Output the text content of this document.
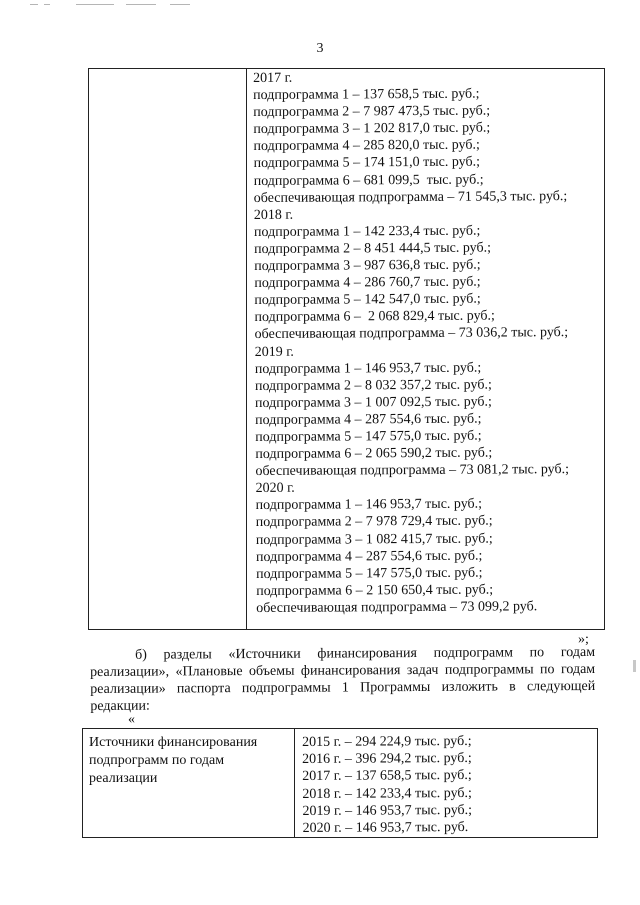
3
2017 г.
подпрограмма 1 – 137 658,5 тыс. руб.;
подпрограмма 2 – 7 987 473,5 тыс. руб.;
подпрограмма 3 – 1 202 817,0 тыс. руб.;
подпрограмма 4 – 285 820,0 тыс. руб.;
подпрограмма 5 – 174 151,0 тыс. руб.;
подпрограмма 6 – 681 099,5  тыс. руб.;
обеспечивающая подпрограмма – 71 545,3 тыс. руб.;
2018 г.
подпрограмма 1 – 142 233,4 тыс. руб.;
подпрограмма 2 – 8 451 444,5 тыс. руб.;
подпрограмма 3 – 987 636,8 тыс. руб.;
подпрограмма 4 – 286 760,7 тыс. руб.;
подпрограмма 5 – 142 547,0 тыс. руб.;
подпрограмма 6 –  2 068 829,4 тыс. руб.;
обеспечивающая подпрограмма – 73 036,2 тыс. руб.;
2019 г.
подпрограмма 1 – 146 953,7 тыс. руб.;
подпрограмма 2 – 8 032 357,2 тыс. руб.;
подпрограмма 3 – 1 007 092,5 тыс. руб.;
подпрограмма 4 – 287 554,6 тыс. руб.;
подпрограмма 5 – 147 575,0 тыс. руб.;
подпрограмма 6 – 2 065 590,2 тыс. руб.;
обеспечивающая подпрограмма – 73 081,2 тыс. руб.;
2020 г.
подпрограмма 1 – 146 953,7 тыс. руб.;
подпрограмма 2 – 7 978 729,4 тыс. руб.;
подпрограмма 3 – 1 082 415,7 тыс. руб.;
подпрограмма 4 – 287 554,6 тыс. руб.;
подпрограмма 5 – 147 575,0 тыс. руб.;
подпрограмма 6 – 2 150 650,4 тыс. руб.;
обеспечивающая подпрограмма – 73 099,2 руб.
»;
б) разделы «Источники финансирования подпрограмм по годам реализации», «Плановые объемы финансирования задач подпрограммы по годам реализации» паспорта подпрограммы 1 Программы изложить в следующей редакции:
«
Источники финансирования подпрограмм по годам реализации
2015 г. – 294 224,9 тыс. руб.;
2016 г. – 396 294,2 тыс. руб.;
2017 г. – 137 658,5 тыс. руб.;
2018 г. – 142 233,4 тыс. руб.;
2019 г. – 146 953,7 тыс. руб.;
2020 г. – 146 953,7 тыс. руб.
